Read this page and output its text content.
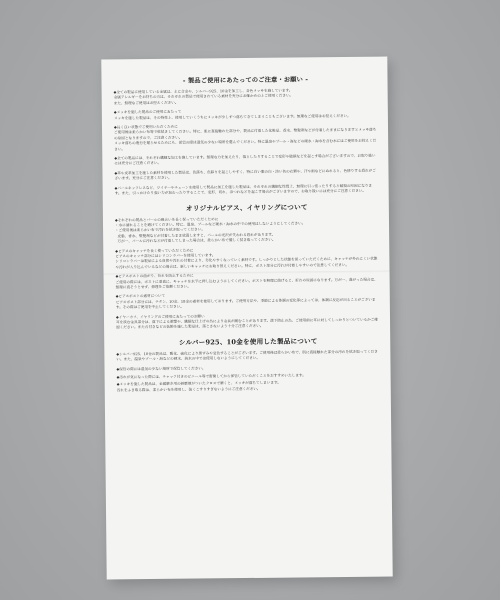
- 製品ご使用にあたってのご注意・お願い -

◆全ての製品に使用している金属は、主に合金や、シルバー925、10金を加工し、各色メッキを施しています。
金属アレルギーをお持ちの方は、それぞれの製品で使用されている素材を充分にお確かめの上ご使用ください。
また、無理なご使用はお控えください。

◆メッキを施した製品のご使用にあたって
メッキを施した製品は、その特性上、使用していくうちにメッキが少しずつ落ちてきてしまうこともございます。無理なご使用はお控えください。

◆長く良い状態でご使用いただくために
ご使用後は柔らかい布等で乾拭きしてください。特に、肌に直接触れた部分や、製品に付着した化粧品、香水、整髪剤などが付着したままになりますとメッキ落ちの原因となりますので、ご注意ください。
メッキ落ちの進行を遅らせるためにも、保管の際は湿気の少ない場所を選んでください。特に温泉やプール・海などの硬水・海水を含む水にはご使用をお控えください。

◆全ての製品には、それぞれ繊細な加工を施しています。無理な力を加えたり、落としたりすることで変形や破損などを起こす場合がございますので、お取り扱いには充分にご注意ください。

◆革や皮革加工を施した素材を使用した製品は、色落ち、色移りを起こしやすく、特に白い服の白・淡い色の衣類や、汗や雨などにぬれると、色移りする恐れがございます。充分にご注意ください。

◆パールネックレスなど、ワイヤーやチェーンを使用して製品に加工を施した製品は、それぞれの繊細な性質上、無理に引っ張ったりすると破損の原因になります。また、引っかけたり強い力が加わったりすることで、変形、切れ、ほつれなどを起こす場合がございますので、お取り扱いには充分にご注意ください。

オリジナルピアス、イヤリングについて

◆それぞれの製品とパールの風合いを長く保っていただくために
・水に濡れることを避けてください。特に、温泉、プールなど硬水・海水の中での使用はしないようにしてください。
・ご使用後は柔らかい布で汚れを拭き取ってください。
皮脂、香水、整髪剤などが付着したまま放置しますと、パールの光沢が失われる恐れがあります。
万が一、パールに汚れなどが付着してしまった場合は、柔らかい布で優しく拭き取ってください。

◆ピアスのキャッチを長く使っていただくために
ピアスのキャッチ部分にはシリコンラバーを使用しています。
シリコンラバーは製品による負荷や汚れの付着により、劣化やすくなっていく素材です。しっかりとした状態を保っていただくために、キャッチが外れにくい状態や汚れが入り込んでいるなどの場合は、新しいキャッチにお取り替えください。特に、ポスト部分に汚れが付着しやすいので注意してください。

◆ピアスポストの曲がり、折れを防止するために
ご使用の際には、ポストに垂直に、キャッチを水平に押し込むようにしてください。ポストを無理に曲げると、折れの原因になります。万が一、曲がった場合は、無理に直そうとせず、修理をご依頼ください。

◆ピアスポストの素材について
ピアスポスト部分には、チタン、10金、18金の素材を使用しております。ご使用方法や、季節による体調の変化等によっては、体調に反応が出ることがございます。その際はご使用を中止してください。

◆イヤーカフ、イヤリングのご使用にあたってのお願い
耳を挟む金具部分は、落下による衝撃や、繊細な仕上げの為により金具が緩むことがあります。落下防止の為、ご使用前に耳に対してしっかりとついているかご確認ください。また石付きなどの装飾を施した製品は、落とさないよう十分ご注意ください。

シルバー925、10金を使用した製品について

◆シルバー925、10金の製品は、酸化、硫化により黒ずみや変色することがございます。ご使用後は柔らかい布で、肌に直接触れた部分の汚れを拭き取ってください。また、温泉やプール・海などの硬水、海水の中では使用しないようにしてください。

◆保管の際には湿気の少ない場所で保管してください。

◆汚れが気になった際には、チャック付きのビニール等で密閉してから保管していただくことをおすすめいたします。

◆メッキを施した製品は、金属磨き用の研磨剤がついたクロスで磨くと、メッキが落ちてしまいます。
汚れをふき取る際は、柔らかい布を使用し、強くこすりすぎないようにご注意ください。
